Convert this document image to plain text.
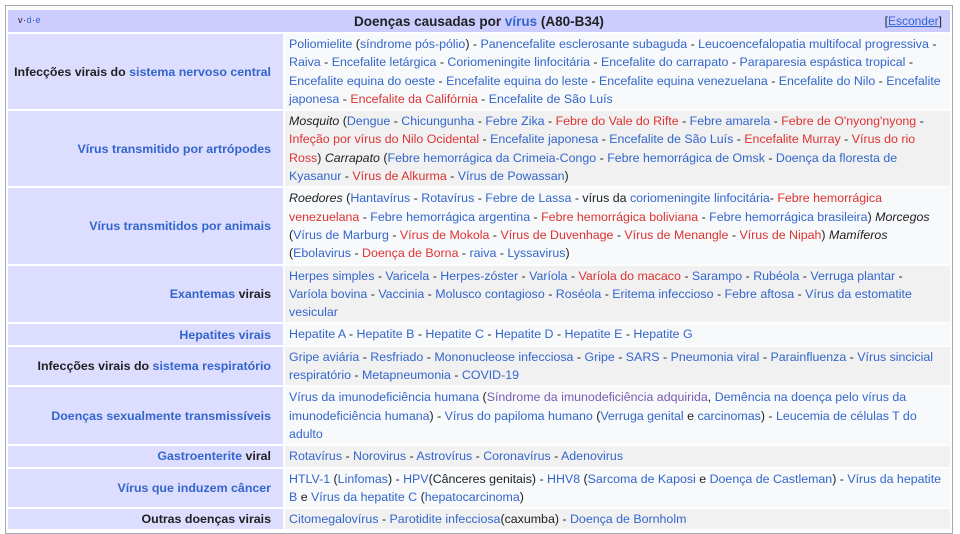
v·d·e Doenças causadas por vírus (A80-B34) [Esconder]	

Infecções virais do sistema nervoso central	Poliomielite (síndrome pós-pólio) - Panencefalite esclerosante subaguda - Leucoencefalopatia multifocal progressiva - Raiva - Encefalite letárgica - Coriomeningite linfocitária - Encefalite do carrapato - Paraparesia espástica tropical - Encefalite equina do oeste - Encefalite equina do leste - Encefalite equina venezuelana - Encefalite do Nilo - Encefalite japonesa - Encefalite da Califórnia - Encefalite de São Luís
Vírus transmitido por artrópodes	Mosquito (Dengue - Chicungunha - Febre Zika - Febre do Vale do Rifte - Febre amarela - Febre de O'nyong'nyong - Infeção por vírus do Nilo Ocidental - Encefalite japonesa - Encefalite de São Luís - Encefalite Murray - Vírus do rio Ross) Carrapato (Febre hemorrágica da Crimeia-Congo - Febre hemorrágica de Omsk - Doença da floresta de Kyasanur - Vírus de Alkurma - Vírus de Powassan)
Vírus transmitidos por animais	Roedores (Hantavírus - Rotavírus - Febre de Lassa - vírus da coriomeningite linfocitária- Febre hemorrágica venezuelana - Febre hemorrágica argentina - Febre hemorrágica boliviana - Febre hemorrágica brasileira) Morcegos (Vírus de Marburg - Vírus de Mokola - Vírus de Duvenhage - Vírus de Menangle - Vírus de Nipah) Mamíferos (Ebolavirus - Doença de Borna - raiva - Lyssavirus)
Exantemas virais	Herpes simples - Varicela - Herpes-zóster - Varíola - Varíola do macaco - Sarampo - Rubéola - Verruga plantar - Varíola bovina - Vaccinia - Molusco contagioso - Roséola - Eritema infeccioso - Febre aftosa - Vírus da estomatite vesicular
Hepatites virais	Hepatite A - Hepatite B - Hepatite C - Hepatite D - Hepatite E - Hepatite G
Infecções virais do sistema respiratório	Gripe aviária - Resfriado - Mononucleose infecciosa - Gripe - SARS - Pneumonia viral - Parainfluenza - Vírus sincicial respiratório - Metapneumonia - COVID-19
Doenças sexualmente transmissíveis	Vírus da imunodeficiência humana (Síndrome da imunodeficiência adquirida, Demência na doença pelo vírus da imunodeficiência humana) - Vírus do papiloma humano (Verruga genital e carcinomas) - Leucemia de células T do adulto
Gastroenterite viral	Rotavírus - Norovirus - Astrovírus - Coronavírus - Adenovirus
Vírus que induzem câncer	HTLV-1 (Linfomas) - HPV(Cânceres genitais) - HHV8 (Sarcoma de Kaposi e Doença de Castleman) - Vírus da hepatite B e Vírus da hepatite C (hepatocarcinoma)
Outras doenças virais	Citomegalovírus - Parotidite infecciosa(caxumba) - Doença de Bornholm
